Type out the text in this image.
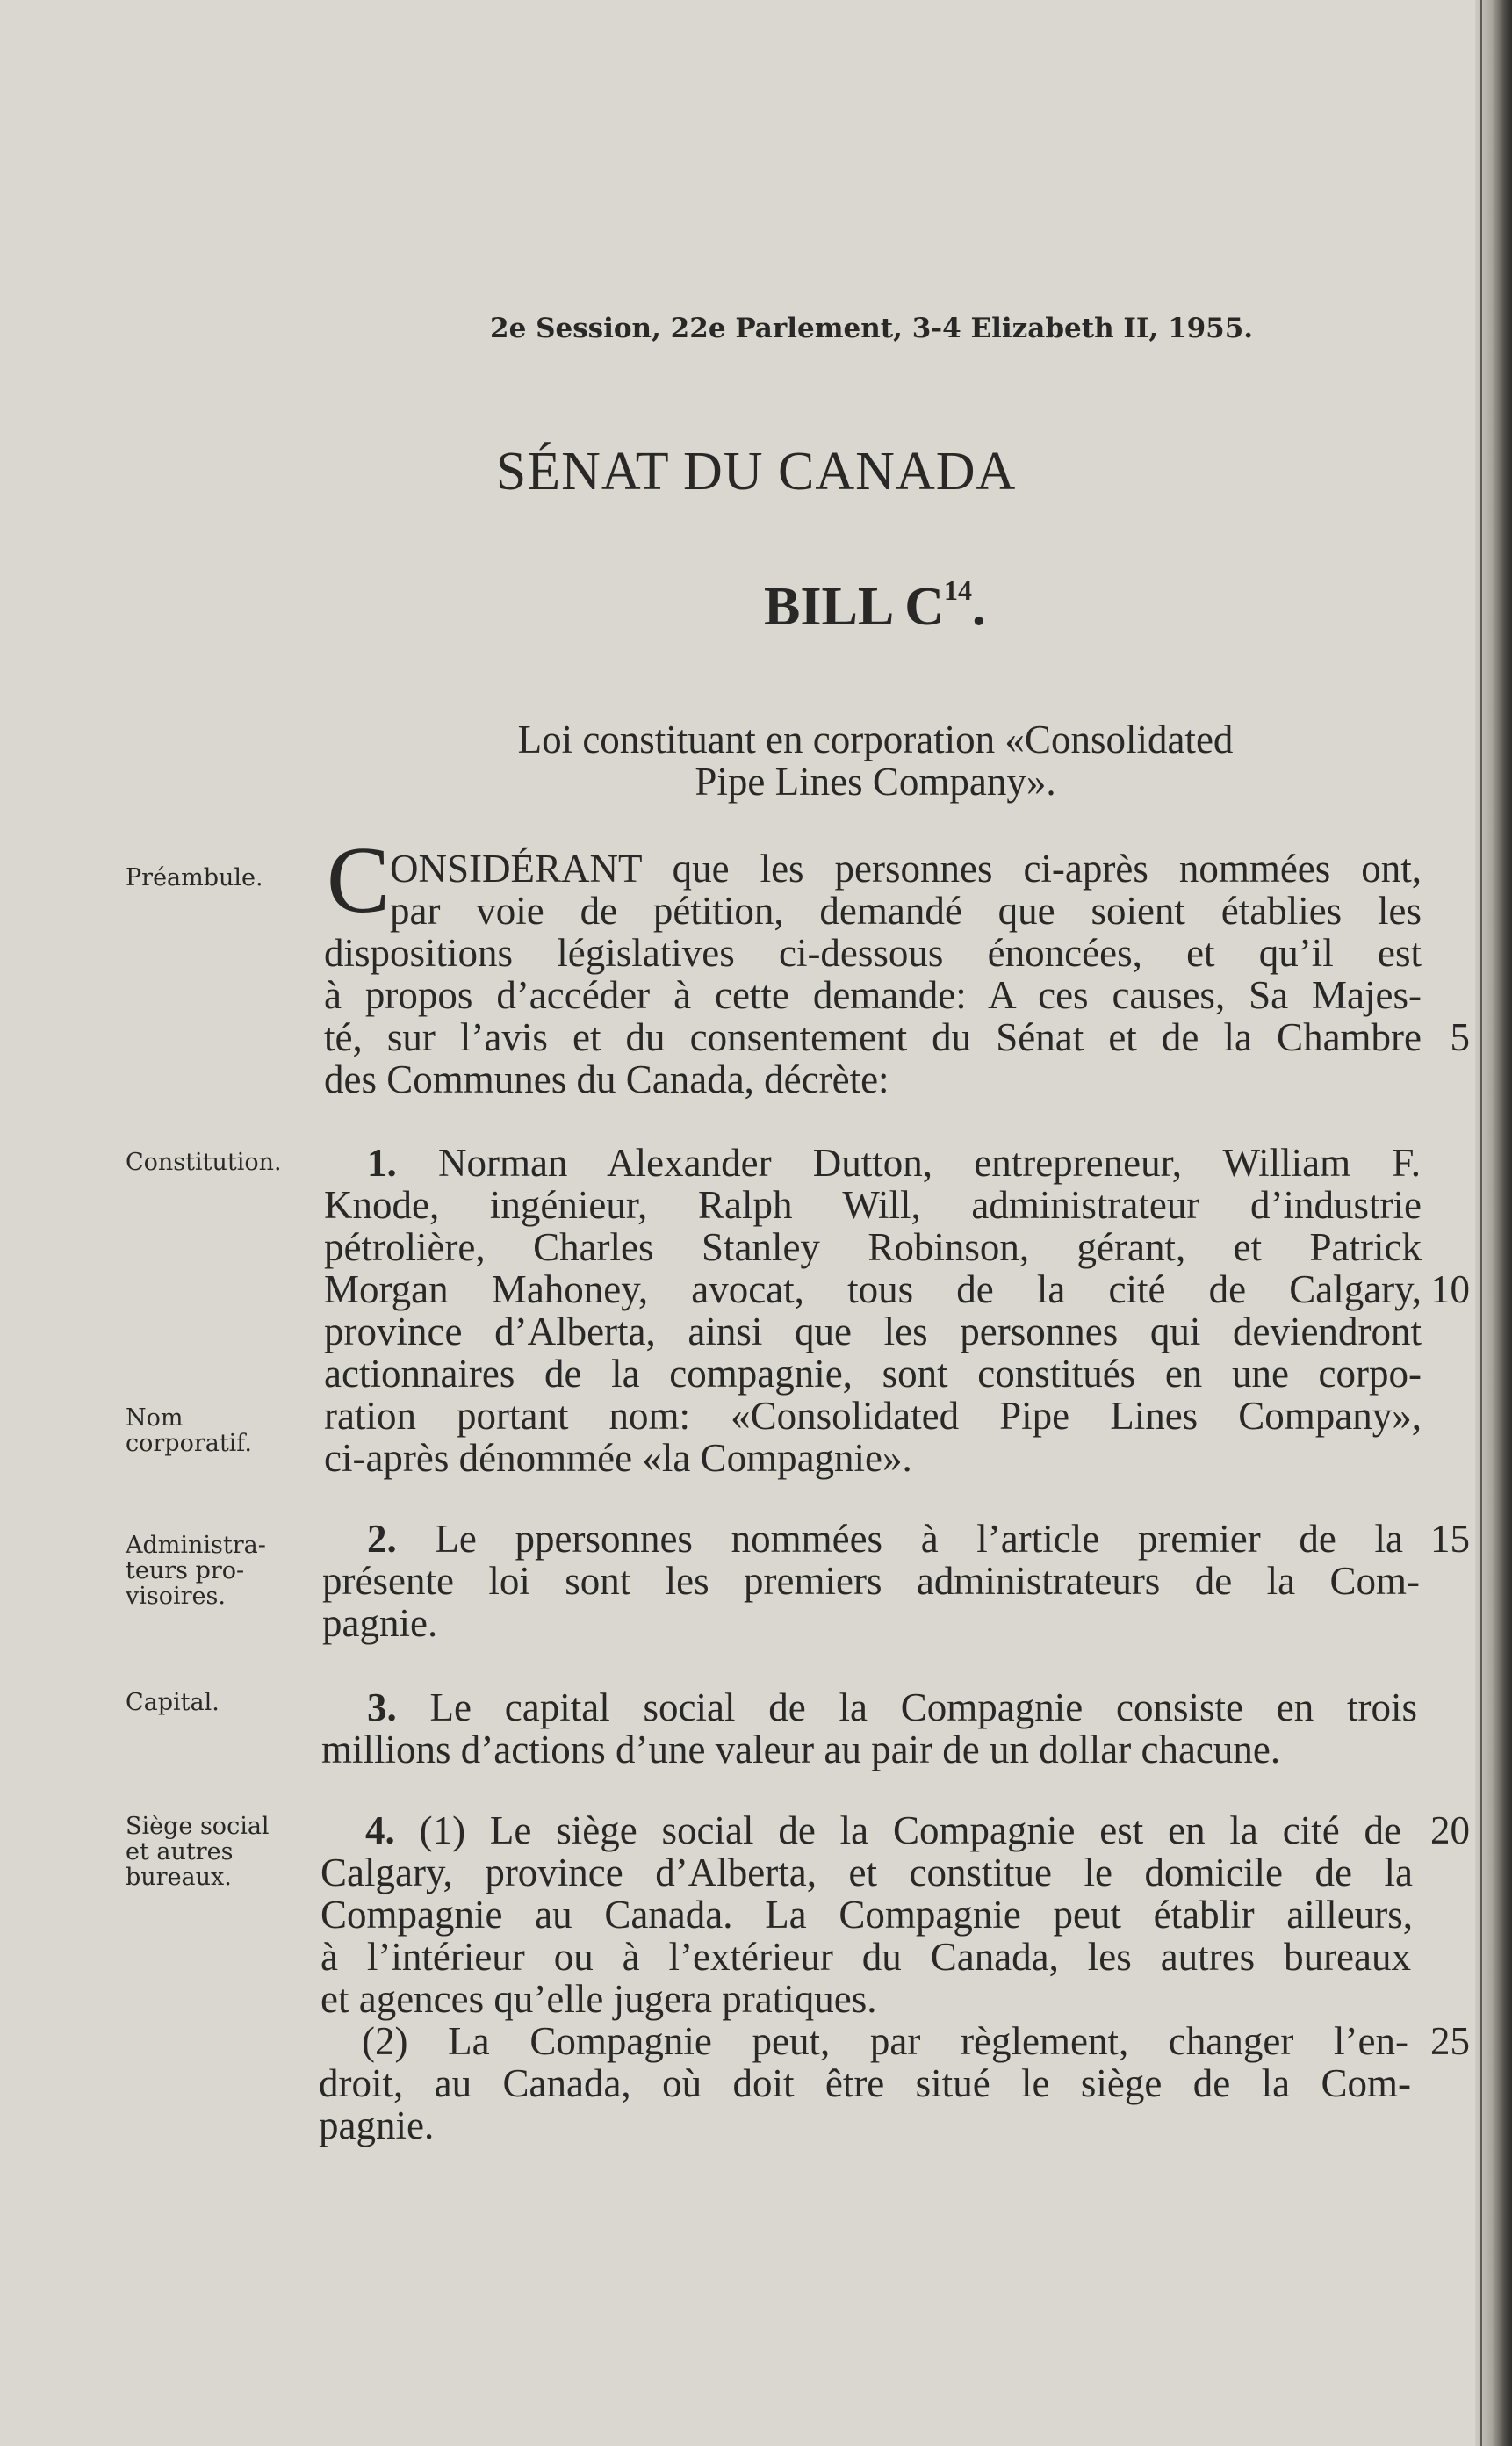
2e Session, 22e Parlement, 3-4 Elizabeth II, 1955.
SÉNAT DU CANADA
BILL $C^{14}$.
Loi constituant en corporation «Consolidated
Pipe Lines Company».
Préambule.
Constitution.
Nom
corporatif.
Administra-
teurs pro-
visoires.
Capital.
Siège social
et autres
bureaux.
C ONSIDÉRANT que les personnes ci-après nommées ont,
par voie de pétition, demandé que soient établies les
dispositions législatives ci-dessous énoncées, et qu’il est
à propos d’accéder à cette demande: A ces causes, Sa Majes-
té, sur l’avis et du consentement du Sénat et de la Chambre
des Communes du Canada, décrète:
1. Norman Alexander Dutton, entrepreneur, William F.
Knode, ingénieur, Ralph Will, administrateur d’industrie
pétrolière, Charles Stanley Robinson, gérant, et Patrick
Morgan Mahoney, avocat, tous de la cité de Calgary,
province d’Alberta, ainsi que les personnes qui deviendront
actionnaires de la compagnie, sont constitués en une corpo-
ration portant nom: «Consolidated Pipe Lines Company»,
ci-après dénommée «la Compagnie».
2. Le ppersonnes nommées à l’article premier de la
présente loi sont les premiers administrateurs de la Com-
pagnie.
3. Le capital social de la Compagnie consiste en trois
millions d’actions d’une valeur au pair de un dollar chacune.
4. (1) Le siège social de la Compagnie est en la cité de
Calgary, province d’Alberta, et constitue le domicile de la
Compagnie au Canada. La Compagnie peut établir ailleurs,
à l’intérieur ou à l’extérieur du Canada, les autres bureaux
et agences qu’elle jugera pratiques.
(2) La Compagnie peut, par règlement, changer l’en-
droit, au Canada, où doit être situé le siège de la Com-
pagnie.
5
10
15
20
25
